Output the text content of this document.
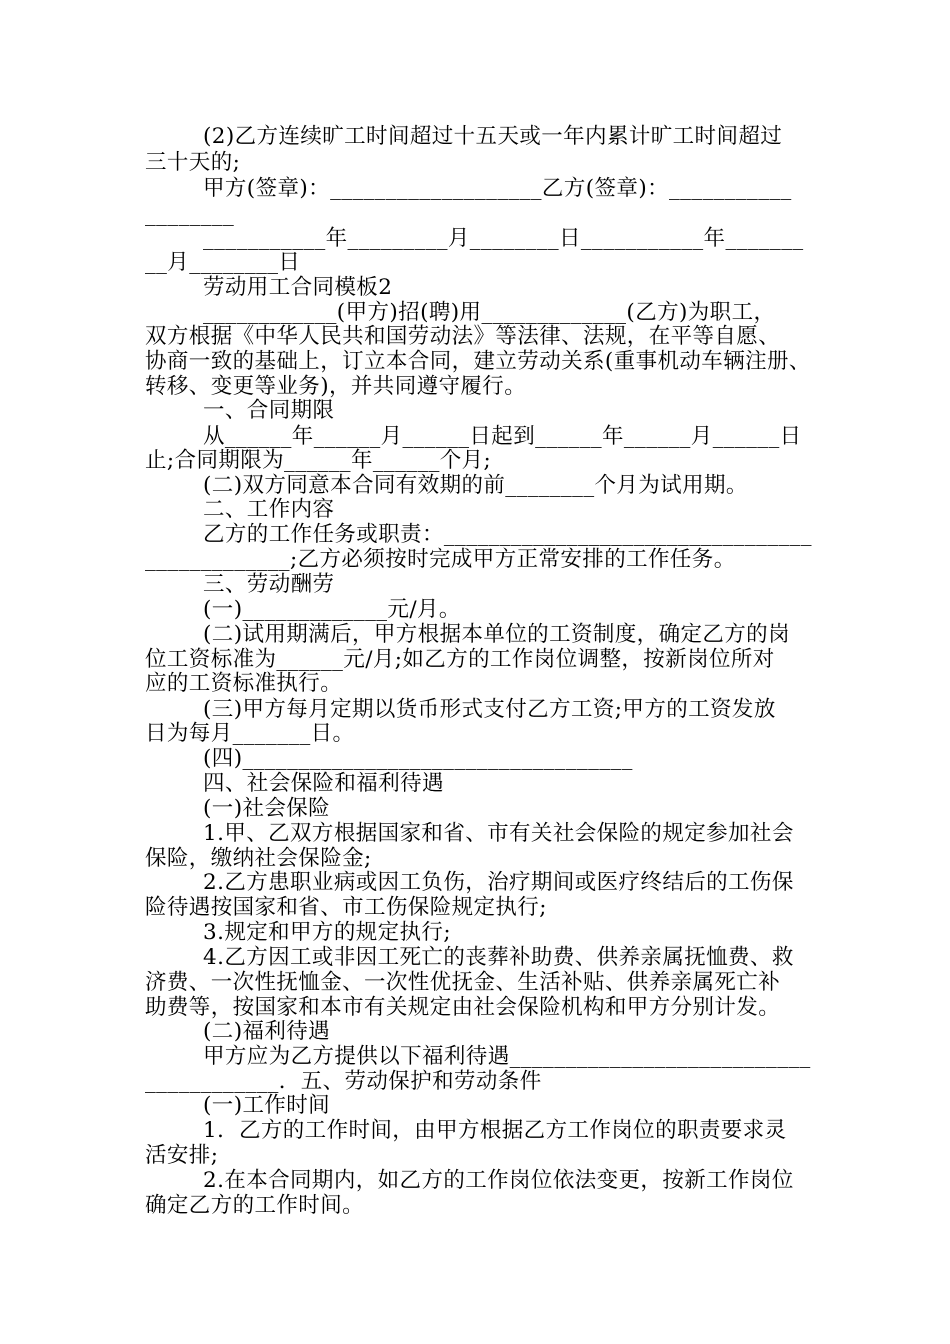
(2)乙方连续旷工时间超过十五天或一年内累计旷工时间超过
三十天的;
甲方(签章)：___________________乙方(签章)：___________
________
___________年_________月________日___________年_______
__月________日
劳动用工合同模板2
____________(甲方)招(聘)用_____________(乙方)为职工，
双方根据《中华人民共和国劳动法》等法律、法规，在平等自愿、
协商一致的基础上，订立本合同，建立劳动关系(重事机动车辆注册、
转移、变更等业务)，并共同遵守履行。
一、合同期限
从______年______月______日起到______年______月______日
止;合同期限为______年______个月;
(二)双方同意本合同有效期的前________个月为试用期。
二、工作内容
乙方的工作任务或职责：_________________________________
_____________;乙方必须按时完成甲方正常安排的工作任务。
三、劳动酬劳
(一)_____________元/月。
(二)试用期满后，甲方根据本单位的工资制度，确定乙方的岗
位工资标准为______元/月;如乙方的工作岗位调整，按新岗位所对
应的工资标准执行。
(三)甲方每月定期以货币形式支付乙方工资;甲方的工资发放
日为每月_______日。
(四)___________________________________
四、社会保险和福利待遇
(一)社会保险
1.甲、乙双方根据国家和省、市有关社会保险的规定参加社会
保险，缴纳社会保险金;
2.乙方患职业病或因工负伤，治疗期间或医疗终结后的工伤保
险待遇按国家和省、市工伤保险规定执行;
3.规定和甲方的规定执行;
4.乙方因工或非因工死亡的丧葬补助费、供养亲属抚恤费、救
济费、一次性抚恤金、一次性优抚金、生活补贴、供养亲属死亡补
助费等，按国家和本市有关规定由社会保险机构和甲方分别计发。
(二)福利待遇
甲方应为乙方提供以下福利待遇___________________________
____________．五、劳动保护和劳动条件
(一)工作时间
1．乙方的工作时间，由甲方根据乙方工作岗位的职责要求灵
活安排;
2.在本合同期内，如乙方的工作岗位依法变更，按新工作岗位
确定乙方的工作时间。
